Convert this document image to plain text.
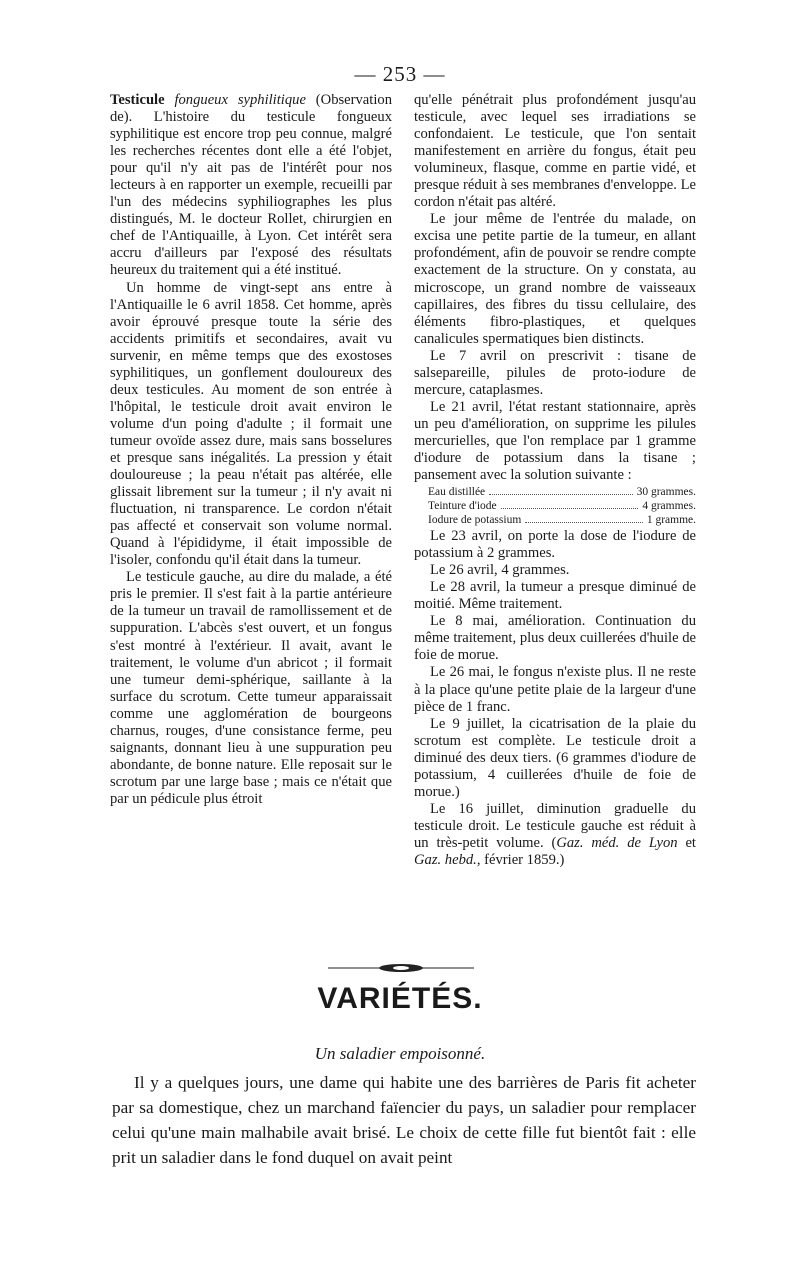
— 253 —

Testicule fongueux syphilitique (Observation de). L'histoire du testicule fongueux syphilitique est encore trop peu connue, malgré les recherches récentes dont elle a été l'objet, pour qu'il n'y ait pas de l'intérêt pour nos lecteurs à en rapporter un exemple, recueilli par l'un des médecins syphiliographes les plus distingués, M. le docteur Rollet, chirurgien en chef de l'Antiquaille, à Lyon. Cet intérêt sera accru d'ailleurs par l'exposé des résultats heureux du traitement qui a été institué.

Un homme de vingt-sept ans entre à l'Antiquaille le 6 avril 1858. Cet homme, après avoir éprouvé presque toute la série des accidents primitifs et secondaires, avait vu survenir, en même temps que des exostoses syphilitiques, un gonflement douloureux des deux testicules. Au moment de son entrée à l'hôpital, le testicule droit avait environ le volume d'un poing d'adulte ; il formait une tumeur ovoïde assez dure, mais sans bosselures et presque sans inégalités. La pression y était douloureuse ; la peau n'était pas altérée, elle glissait librement sur la tumeur ; il n'y avait ni fluctuation, ni transparence. Le cordon n'était pas affecté et conservait son volume normal. Quand à l'épididyme, il était impossible de l'isoler, confondu qu'il était dans la tumeur.

Le testicule gauche, au dire du malade, a été pris le premier. Il s'est fait à la partie antérieure de la tumeur un travail de ramollissement et de suppuration. L'abcès s'est ouvert, et un fongus s'est montré à l'extérieur. Il avait, avant le traitement, le volume d'un abricot ; il formait une tumeur demi-sphérique, saillante à la surface du scrotum. Cette tumeur apparaissait comme une agglomération de bourgeons charnus, rouges, d'une consistance ferme, peu saignants, donnant lieu à une suppuration peu abondante, de bonne nature. Elle reposait sur le scrotum par une large base ; mais ce n'était que par un pédicule plus étroit

qu'elle pénétrait plus profondément jusqu'au testicule, avec lequel ses irradiations se confondaient. Le testicule, que l'on sentait manifestement en arrière du fongus, était peu volumineux, flasque, comme en partie vidé, et presque réduit à ses membranes d'enveloppe. Le cordon n'était pas altéré.

Le jour même de l'entrée du malade, on excisa une petite partie de la tumeur, en allant profondément, afin de pouvoir se rendre compte exactement de la structure. On y constata, au microscope, un grand nombre de vaisseaux capillaires, des fibres du tissu cellulaire, des éléments fibro-plastiques, et quelques canalicules spermatiques bien distincts.

Le 7 avril on prescrivit : tisane de salsepareille, pilules de proto-iodure de mercure, cataplasmes.

Le 21 avril, l'état restant stationnaire, après un peu d'amélioration, on supprime les pilules mercurielles, que l'on remplace par 1 gramme d'iodure de potassium dans la tisane ; pansement avec la solution suivante :

Eau distillée	30 grammes.
Teinture d'iode	4 grammes.
Iodure de potassium	1 gramme.

Le 23 avril, on porte la dose de l'iodure de potassium à 2 grammes.

Le 26 avril, 4 grammes.

Le 28 avril, la tumeur a presque diminué de moitié. Même traitement.

Le 8 mai, amélioration. Continuation du même traitement, plus deux cuillerées d'huile de foie de morue.

Le 26 mai, le fongus n'existe plus. Il ne reste à la place qu'une petite plaie de la largeur d'une pièce de 1 franc.

Le 9 juillet, la cicatrisation de la plaie du scrotum est complète. Le testicule droit a diminué des deux tiers. (6 grammes d'iodure de potassium, 4 cuillerées d'huile de foie de morue.)

Le 16 juillet, diminution graduelle du testicule droit. Le testicule gauche est réduit à un très-petit volume. (Gaz. méd. de Lyon et Gaz. hebd., février 1859.)

VARIÉTÉS.
Un saladier empoisonné.

Il y a quelques jours, une dame qui habite une des barrières de Paris fit acheter par sa domestique, chez un marchand faïencier du pays, un saladier pour remplacer celui qu'une main malhabile avait brisé. Le choix de cette fille fut bientôt fait : elle prit un saladier dans le fond duquel on avait peint
